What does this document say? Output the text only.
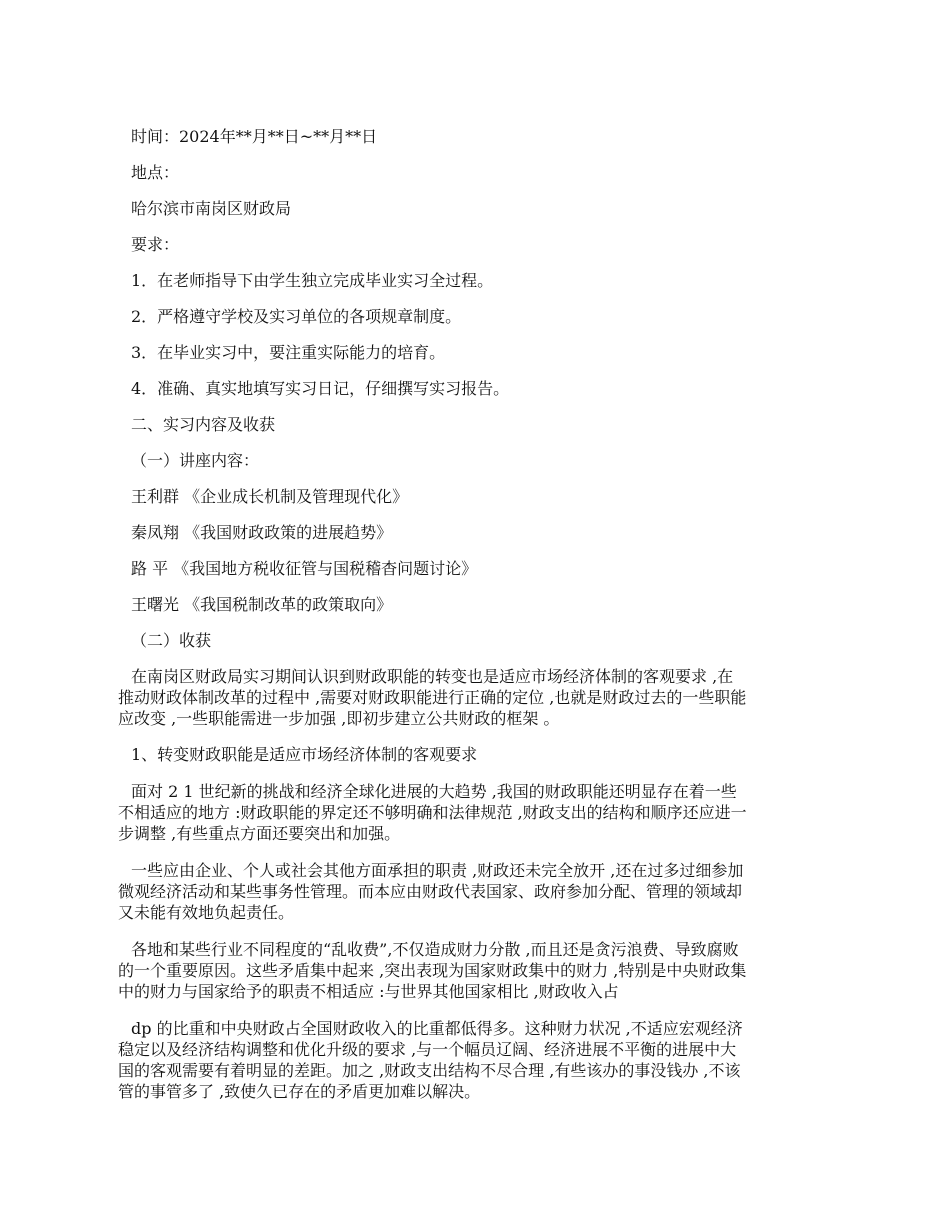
时间：2024年**月**日~**月**日
地点：
哈尔滨市南岗区财政局
要求：
1．在老师指导下由学生独立完成毕业实习全过程。
2．严格遵守学校及实习单位的各项规章制度。
3．在毕业实习中，要注重实际能力的培育。
4．准确、真实地填写实习日记，仔细撰写实习报告。
二、实习内容及收获
（一）讲座内容：
王利群 《企业成长机制及管理现代化》
秦凤翔 《我国财政政策的进展趋势》
路 平 《我国地方税收征管与国税稽杳问题讨论》
王曙光 《我国税制改革的政策取向》
（二）收获
在南岗区财政局实习期间认识到财政职能的转变也是适应市场经济体制的客观要求 ,在
推动财政体制改革的过程中 ,需要对财政职能进行正确的定位 ,也就是财政过去的一些职能
应改变 ,一些职能需进一步加强 ,即初步建立公共财政的框架 。
1、转变财政职能是适应市场经济体制的客观要求
面对 2 1 世纪新的挑战和经济全球化进展的大趋势 ,我国的财政职能还明显存在着一些
不相适应的地方 :财政职能的界定还不够明确和法律规范 ,财政支出的结构和顺序还应进一
步调整 ,有些重点方面还要突出和加强。
一些应由企业、个人或社会其他方面承担的职责 ,财政还未完全放开 ,还在过多过细参加
微观经济活动和某些事务性管理。而本应由财政代表国家、政府参加分配、管理的领域却
又未能有效地负起责任。
各地和某些行业不同程度的“乱收费”,不仅造成财力分散 ,而且还是贪污浪费、导致腐败
的一个重要原因。这些矛盾集中起来 ,突出表现为国家财政集中的财力 ,特别是中央财政集
中的财力与国家给予的职责不相适应 :与世界其他国家相比 ,财政收入占
dp 的比重和中央财政占全国财政收入的比重都低得多。这种财力状况 ,不适应宏观经济
稳定以及经济结构调整和优化升级的要求 ,与一个幅员辽阔、经济进展不平衡的进展中大
国的客观需要有着明显的差距。加之 ,财政支出结构不尽合理 ,有些该办的事没钱办 ,不该
管的事管多了 ,致使久已存在的矛盾更加难以解决。
